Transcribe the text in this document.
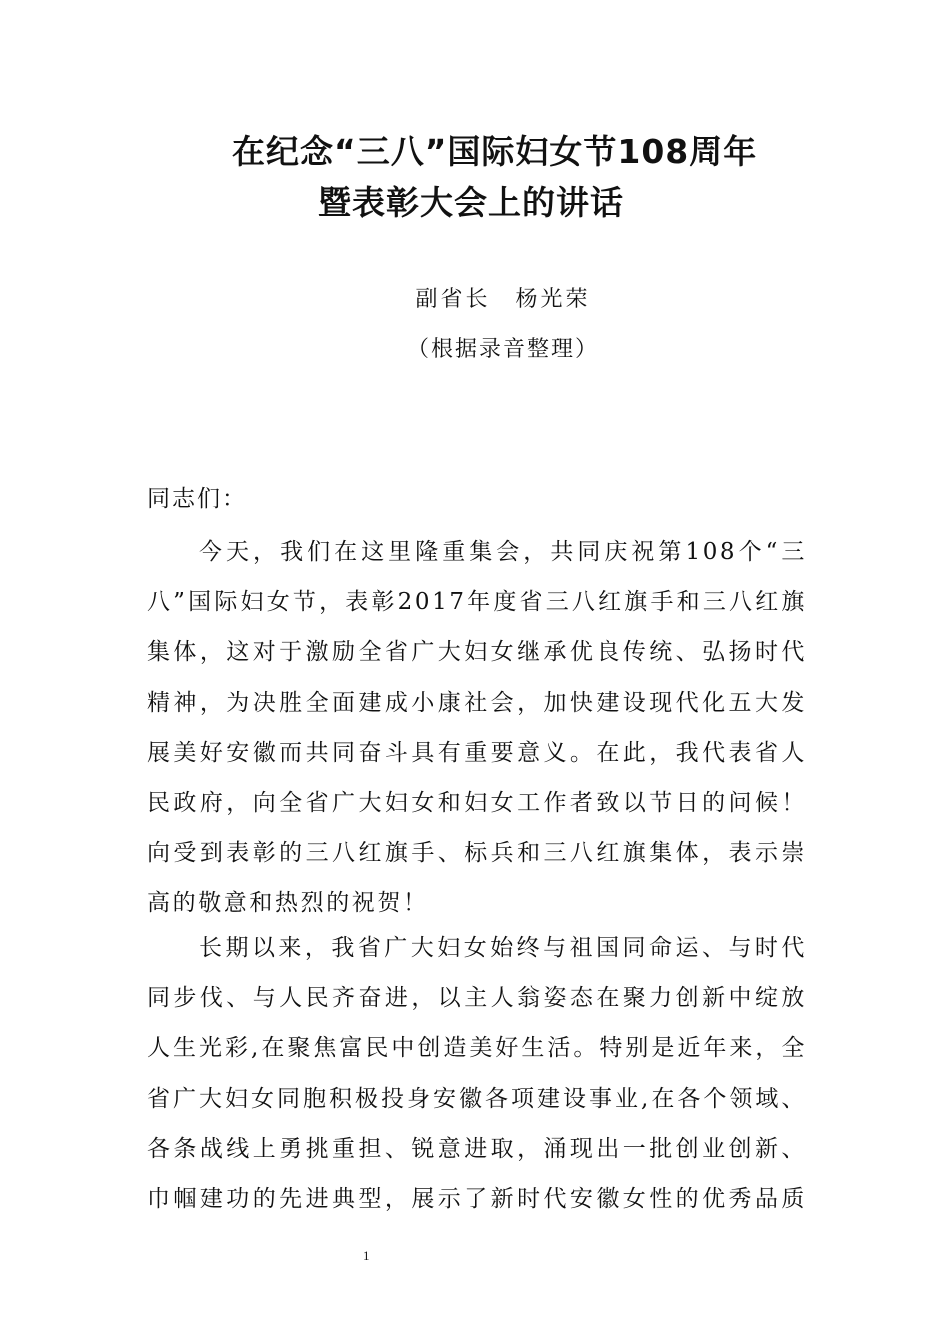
在纪念“三八”国际妇女节108周年
暨表彰大会上的讲话
副省长　杨光荣
（根据录音整理）
同志们：
今天，我们在这里隆重集会，共同庆祝第108个“三
八”国际妇女节，表彰2017年度省三八红旗手和三八红旗
集体，这对于激励全省广大妇女继承优良传统、弘扬时代
精神，为决胜全面建成小康社会，加快建设现代化五大发
展美好安徽而共同奋斗具有重要意义。在此，我代表省人
民政府，向全省广大妇女和妇女工作者致以节日的问候！
向受到表彰的三八红旗手、标兵和三八红旗集体，表示崇
高的敬意和热烈的祝贺！
长期以来，我省广大妇女始终与祖国同命运、与时代
同步伐、与人民齐奋进，以主人翁姿态在聚力创新中绽放
人生光彩,在聚焦富民中创造美好生活。特别是近年来，全
省广大妇女同胞积极投身安徽各项建设事业,在各个领域、
各条战线上勇挑重担、锐意进取，涌现出一批创业创新、
巾帼建功的先进典型，展示了新时代安徽女性的优秀品质
1
